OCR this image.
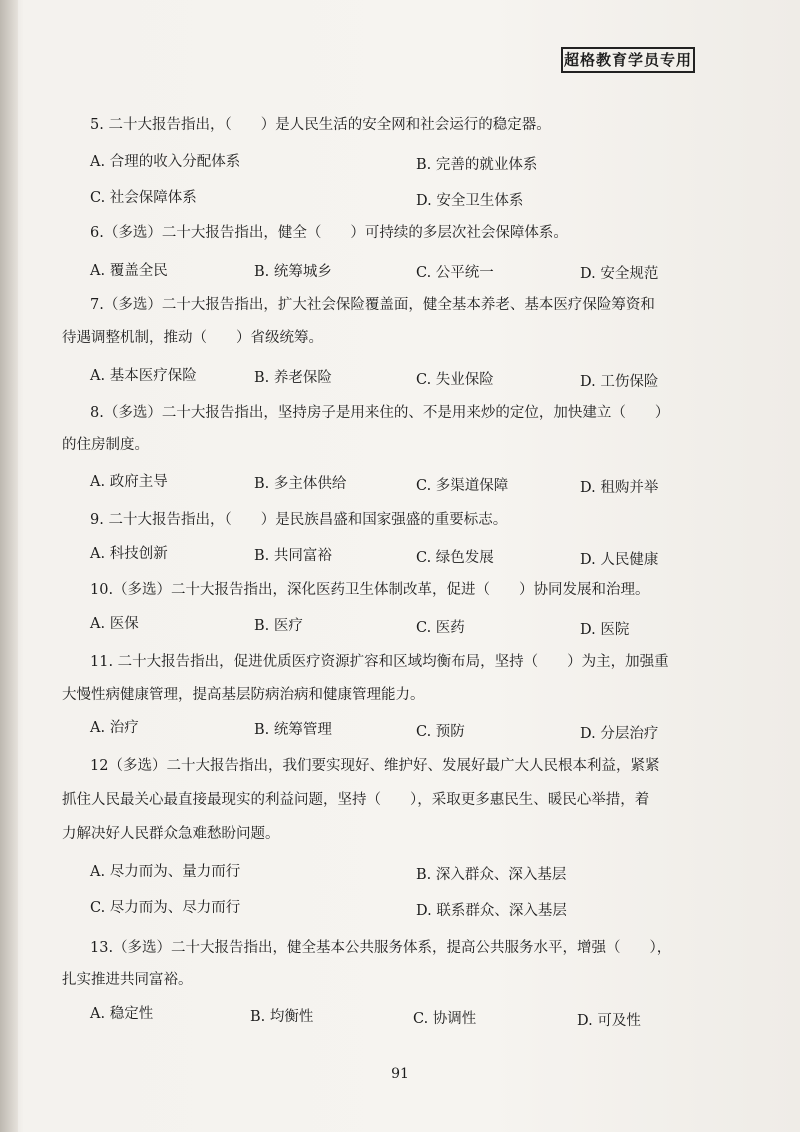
超格教育学员专用

5. 二十大报告指出，（　　）是人民生活的安全网和社会运行的稳定器。

A. 合理的收入分配体系	B. 完善的就业体系
C. 社会保障体系	D. 安全卫生体系

6.（多选）二十大报告指出，健全（　　）可持续的多层次社会保障体系。

A. 覆盖全民	B. 统筹城乡	C. 公平统一	D. 安全规范

7.（多选）二十大报告指出，扩大社会保险覆盖面，健全基本养老、基本医疗保险筹资和

待遇调整机制，推动（　　）省级统筹。

A. 基本医疗保险	B. 养老保险	C. 失业保险	D. 工伤保险

8.（多选）二十大报告指出，坚持房子是用来住的、不是用来炒的定位，加快建立（　　）

的住房制度。

A. 政府主导	B. 多主体供给	C. 多渠道保障	D. 租购并举

9. 二十大报告指出，（　　）是民族昌盛和国家强盛的重要标志。

A. 科技创新	B. 共同富裕	C. 绿色发展	D. 人民健康

10.（多选）二十大报告指出，深化医药卫生体制改革，促进（　　）协同发展和治理。

A. 医保	B. 医疗	C. 医药	D. 医院

11. 二十大报告指出，促进优质医疗资源扩容和区域均衡布局，坚持（　　）为主，加强重

大慢性病健康管理，提高基层防病治病和健康管理能力。

A. 治疗	B. 统筹管理	C. 预防	D. 分层治疗

12（多选）二十大报告指出，我们要实现好、维护好、发展好最广大人民根本利益，紧紧

抓住人民最关心最直接最现实的利益问题，坚持（　　），采取更多惠民生、暖民心举措，着

力解决好人民群众急难愁盼问题。

A. 尽力而为、量力而行	B. 深入群众、深入基层
C. 尽力而为、尽力而行	D. 联系群众、深入基层

13.（多选）二十大报告指出，健全基本公共服务体系，提高公共服务水平，增强（　　），

扎实推进共同富裕。

A. 稳定性	B. 均衡性	C. 协调性	D. 可及性
91
